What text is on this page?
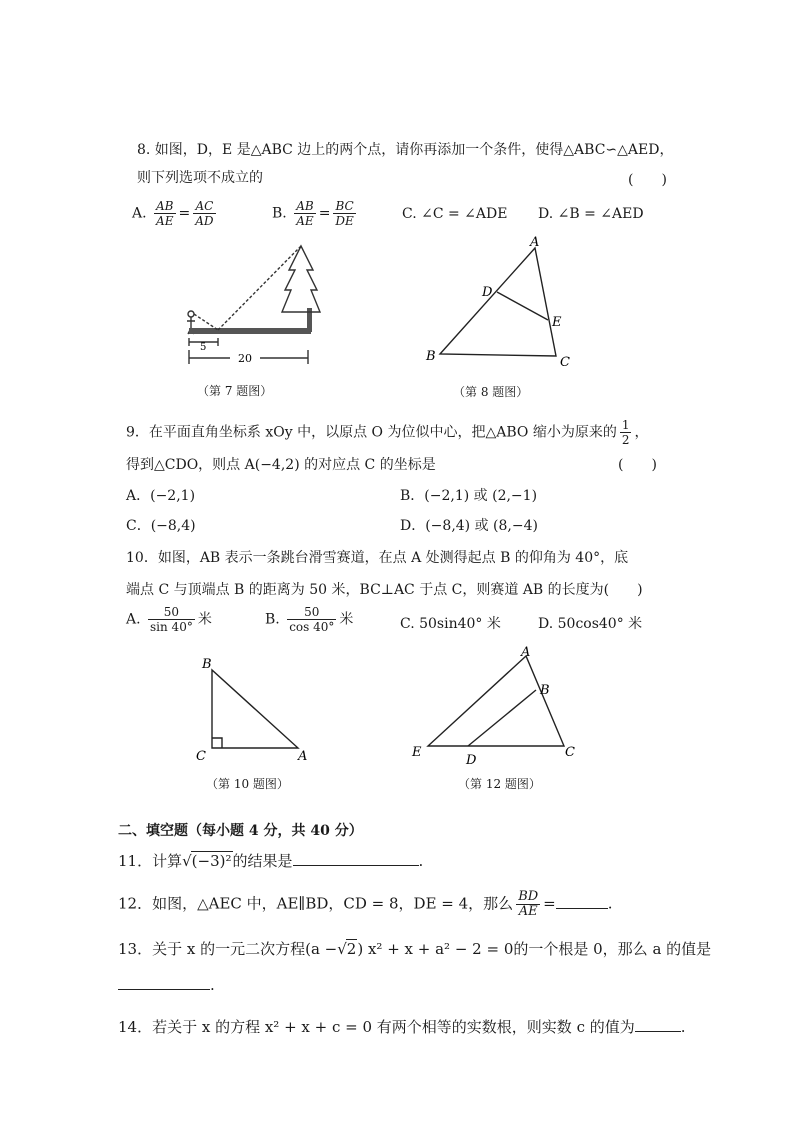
8. 如图，D，E 是△ABC 边上的两个点，请你再添加一个条件，使得△ABC∽△AED，
则下列选项不成立的	(　　)
A. $\frac{AB}{AE} = \frac{AC}{AD}$	B. $\frac{AB}{AE} = \frac{BC}{DE}$	C. ∠C = ∠ADE D. ∠B = ∠AED
5
20
（第 7 题图）
A
B	C
D
E
（第 8 题图）
9．在平面直角坐标系 xOy 中，以原点 O 为位似中心，把△ABO 缩小为原来的 $\frac{1}{2}$ ，
得到△CDO，则点 A(−4,2) 的对应点 C 的坐标是	(　　)
A．(−2,1)	B．(−2,1) 或 (2,−1)
C．(−8,4)	D．(−8,4) 或 (8,−4)
10．如图，AB 表示一条跳台滑雪赛道，在点 A 处测得起点 B 的仰角为 40°，底
端点 C 与顶端点 B 的距离为 50 米，BC⊥AC 于点 C，则赛道 AB 的长度为(　　)
A. $\frac{50}{\sin 40^\circ}$ 米	B. $\frac{50}{\cos 40^\circ}$ 米	C. 50sin40° 米	D. 50cos40° 米
B
C	A
（第 10 题图）
A
B
C
D
E
（第 12 题图）
二、填空题（每小题 4 分，共 40 分）
11．计算√(−3)²的结果是	.
12．如图，△AEC 中，AE∥BD，CD = 8，DE = 4，那么 $\frac{BD}{AE}$ =	.
13．关于 x 的一元二次方程(a −√2) x² + x + a² − 2 = 0的一个根是 0，那么 a 的值是
.
14．若关于 x 的方程 x² + x + c = 0 有两个相等的实数根，则实数 c 的值为	.
